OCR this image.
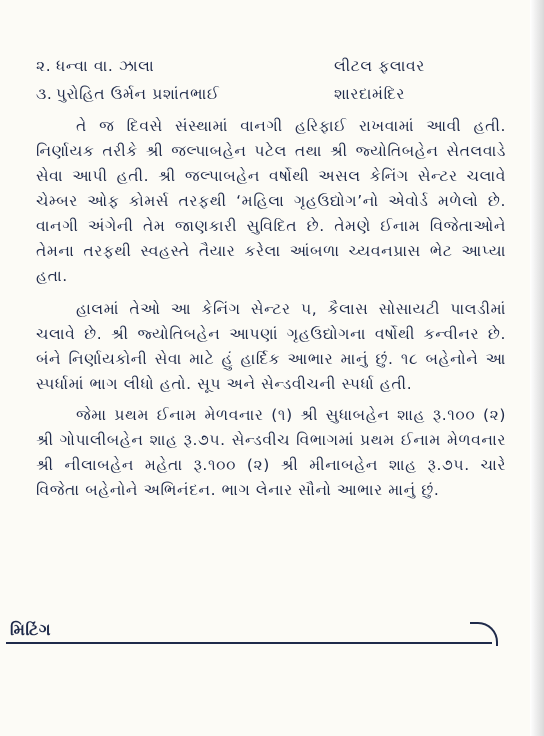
૨. ધન્વા વા. ઝાલા	લીટલ ફલાવર
૩. પુરોહિત ઉર્મન પ્રશાંતભાઈ	શારદામંદિર

તે જ દિવસે સંસ્થામાં વાનગી હરિફાઈ રાખવામાં આવી હતી. નિર્ણાયક તરીકે શ્રી જલ્પાબહેન પટેલ તથા શ્રી જ્યોતિબહેન સેતલવાડે સેવા આપી હતી. શ્રી જલ્પાબહેન વર્ષોથી અસલ કેનિંગ સેન્ટર ચલાવે ચેમ્બર ઓફ કોમર્સ તરફથી ‘મહિલા ગૃહઉદ્યોગ’નો એવોર્ડ મળેલો છે. વાનગી અંગેની તેમ જાણકારી સુવિદિત છે. તેમણે ઈનામ વિજેતાઓને તેમના તરફથી સ્વહસ્તે તૈયાર કરેલા આંબળા ચ્યવનપ્રાસ ભેટ આપ્યા હતા.

હાલમાં તેઓ આ કેનિંગ સેન્ટર ૫, કૈલાસ સોસાયટી પાલડીમાં ચલાવે છે. શ્રી જ્યોતિબહેન આપણાં ગૃહઉદ્યોગના વર્ષોથી કન્વીનર છે. બંને નિર્ણાયકોની સેવા માટે હું હાર્દિક આભાર માનું છું. ૧૮ બહેનોને આ સ્પર્ધામાં ભાગ લીધો હતો. સૂપ અને સેન્ડવીચની સ્પર્ધા હતી.

જેમા પ્રથમ ઈનામ મેળવનાર (૧) શ્રી સુધાબહેન શાહ રૂ.૧૦૦ (૨) શ્રી ગોપાલીબહેન શાહ રૂ.૭૫. સેન્ડવીચ વિભાગમાં પ્રથમ ઈનામ મેળવનાર શ્રી નીલાબહેન મહેતા રૂ.૧૦૦ (૨) શ્રી મીનાબહેન શાહ રૂ.૭૫. ચારે વિજેતા બહેનોને અભિનંદન. ભાગ લેનાર સૌનો આભાર માનું છું.

મિટિંગ
